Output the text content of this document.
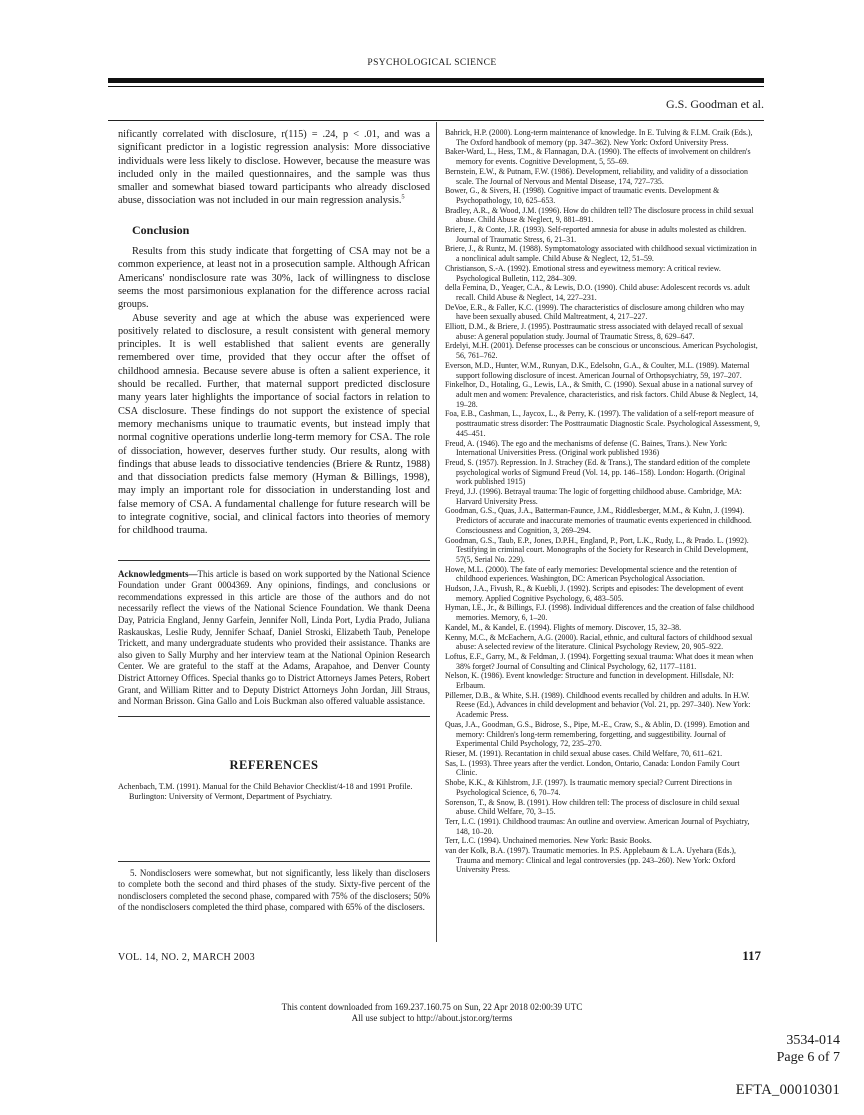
PSYCHOLOGICAL SCIENCE
G.S. Goodman et al.

nificantly correlated with disclosure, r(115) = .24, p < .01, and was a significant predictor in a logistic regression analysis: More dissociative individuals were less likely to disclose. However, because the measure was included only in the mailed questionnaires, and the sample was thus smaller and somewhat biased toward participants who already disclosed abuse, dissociation was not included in our main regression analysis.$^5$

Conclusion

Results from this study indicate that forgetting of CSA may not be a common experience, at least not in a prosecution sample. Although African Americans' nondisclosure rate was 30%, lack of willingness to disclose seems the most parsimonious explanation for the difference across racial groups.

Abuse severity and age at which the abuse was experienced were positively related to disclosure, a result consistent with general memory principles. It is well established that salient events are generally remembered over time, provided that they occur after the offset of childhood amnesia. Because severe abuse is often a salient experience, it should be recalled. Further, that maternal support predicted disclosure many years later highlights the importance of social factors in relation to CSA disclosure. These findings do not support the existence of special memory mechanisms unique to traumatic events, but instead imply that normal cognitive operations underlie long-term memory for CSA. The role of dissociation, however, deserves further study. Our results, along with findings that abuse leads to dissociative tendencies (Briere & Runtz, 1988) and that dissociation predicts false memory (Hyman & Billings, 1998), may imply an important role for dissociation in understanding lost and false memory of CSA. A fundamental challenge for future research will be to integrate cognitive, social, and clinical factors into theories of memory for childhood trauma.

Acknowledgments—This article is based on work supported by the National Science Foundation under Grant 0004369. Any opinions, findings, and conclusions or recommendations expressed in this article are those of the authors and do not necessarily reflect the views of the National Science Foundation. We thank Deena Day, Patricia England, Jenny Garfein, Jennifer Noll, Linda Port, Lydia Prado, Juliana Raskauskas, Leslie Rudy, Jennifer Schaaf, Daniel Stroski, Elizabeth Taub, Penelope Trickett, and many undergraduate students who provided their assistance. Thanks are also given to Sally Murphy and her interview team at the National Opinion Research Center. We are grateful to the staff at the Adams, Arapahoe, and Denver County District Attorney Offices. Special thanks go to District Attorneys James Peters, Robert Grant, and William Ritter and to Deputy District Attorneys John Jordan, Jill Straus, and Norman Brisson. Gina Gallo and Lois Buckman also offered valuable assistance.
REFERENCES

Achenbach, T.M. (1991). Manual for the Child Behavior Checklist/4-18 and 1991 Profile. Burlington: University of Vermont, Department of Psychiatry.

5. Nondisclosers were somewhat, but not significantly, less likely than disclosers to complete both the second and third phases of the study. Sixty-five percent of the nondisclosers completed the second phase, compared with 75% of the disclosers; 50% of the nondisclosers completed the third phase, compared with 65% of the disclosers.

Bahrick, H.P. (2000). Long-term maintenance of knowledge. In E. Tulving & F.I.M. Craik (Eds.), The Oxford handbook of memory (pp. 347–362). New York: Oxford University Press.

Baker-Ward, L., Hess, T.M., & Flannagan, D.A. (1990). The effects of involvement on children's memory for events. Cognitive Development, 5, 55–69.

Bernstein, E.W., & Putnam, F.W. (1986). Development, reliability, and validity of a dissociation scale. The Journal of Nervous and Mental Disease, 174, 727–735.

Bower, G., & Sivers, H. (1998). Cognitive impact of traumatic events. Development & Psychopathology, 10, 625–653.

Bradley, A.R., & Wood, J.M. (1996). How do children tell? The disclosure process in child sexual abuse. Child Abuse & Neglect, 9, 881–891.

Briere, J., & Conte, J.R. (1993). Self-reported amnesia for abuse in adults molested as children. Journal of Traumatic Stress, 6, 21–31.

Briere, J., & Runtz, M. (1988). Symptomatology associated with childhood sexual victimization in a nonclinical adult sample. Child Abuse & Neglect, 12, 51–59.

Christianson, S.-A. (1992). Emotional stress and eyewitness memory: A critical review. Psychological Bulletin, 112, 284–309.

della Femina, D., Yeager, C.A., & Lewis, D.O. (1990). Child abuse: Adolescent records vs. adult recall. Child Abuse & Neglect, 14, 227–231.

DeVoe, E.R., & Faller, K.C. (1999). The characteristics of disclosure among children who may have been sexually abused. Child Maltreatment, 4, 217–227.

Elliott, D.M., & Briere, J. (1995). Posttraumatic stress associated with delayed recall of sexual abuse: A general population study. Journal of Traumatic Stress, 8, 629–647.

Erdelyi, M.H. (2001). Defense processes can be conscious or unconscious. American Psychologist, 56, 761–762.

Everson, M.D., Hunter, W.M., Runyan, D.K., Edelsohn, G.A., & Coulter, M.L. (1989). Maternal support following disclosure of incest. American Journal of Orthopsychiatry, 59, 197–207.

Finkelhor, D., Hotaling, G., Lewis, I.A., & Smith, C. (1990). Sexual abuse in a national survey of adult men and women: Prevalence, characteristics, and risk factors. Child Abuse & Neglect, 14, 19–28.

Foa, E.B., Cashman, L., Jaycox, L., & Perry, K. (1997). The validation of a self-report measure of posttraumatic stress disorder: The Posttraumatic Diagnostic Scale. Psychological Assessment, 9, 445–451.

Freud, A. (1946). The ego and the mechanisms of defense (C. Baines, Trans.). New York: International Universities Press. (Original work published 1936)

Freud, S. (1957). Repression. In J. Strachey (Ed. & Trans.), The standard edition of the complete psychological works of Sigmund Freud (Vol. 14, pp. 146–158). London: Hogarth. (Original work published 1915)

Freyd, J.J. (1996). Betrayal trauma: The logic of forgetting childhood abuse. Cambridge, MA: Harvard University Press.

Goodman, G.S., Quas, J.A., Batterman-Faunce, J.M., Riddlesberger, M.M., & Kuhn, J. (1994). Predictors of accurate and inaccurate memories of traumatic events experienced in childhood. Consciousness and Cognition, 3, 269–294.

Goodman, G.S., Taub, E.P., Jones, D.P.H., England, P., Port, L.K., Rudy, L., & Prado. L. (1992). Testifying in criminal court. Monographs of the Society for Research in Child Development, 57(5, Serial No. 229).

Howe, M.L. (2000). The fate of early memories: Developmental science and the retention of childhood experiences. Washington, DC: American Psychological Association.

Hudson, J.A., Fivush, R., & Kuebli, J. (1992). Scripts and episodes: The development of event memory. Applied Cognitive Psychology, 6, 483–505.

Hyman, I.E., Jr., & Billings, F.J. (1998). Individual differences and the creation of false childhood memories. Memory, 6, 1–20.

Kandel, M., & Kandel, E. (1994). Flights of memory. Discover, 15, 32–38.

Kenny, M.C., & McEachern, A.G. (2000). Racial, ethnic, and cultural factors of childhood sexual abuse: A selected review of the literature. Clinical Psychology Review, 20, 905–922.

Loftus, E.F., Garry, M., & Feldman, J. (1994). Forgetting sexual trauma: What does it mean when 38% forget? Journal of Consulting and Clinical Psychology, 62, 1177–1181.

Nelson, K. (1986). Event knowledge: Structure and function in development. Hillsdale, NJ: Erlbaum.

Pillemer, D.B., & White, S.H. (1989). Childhood events recalled by children and adults. In H.W. Reese (Ed.), Advances in child development and behavior (Vol. 21, pp. 297–340). New York: Academic Press.

Quas, J.A., Goodman, G.S., Bidrose, S., Pipe, M.-E., Craw, S., & Ablin, D. (1999). Emotion and memory: Children's long-term remembering, forgetting, and suggestibility. Journal of Experimental Child Psychology, 72, 235–270.

Rieser, M. (1991). Recantation in child sexual abuse cases. Child Welfare, 70, 611–621.

Sas, L. (1993). Three years after the verdict. London, Ontario, Canada: London Family Court Clinic.

Shobe, K.K., & Kihlstrom, J.F. (1997). Is traumatic memory special? Current Directions in Psychological Science, 6, 70–74.

Sorenson, T., & Snow, B. (1991). How children tell: The process of disclosure in child sexual abuse. Child Welfare, 70, 3–15.

Terr, L.C. (1991). Childhood traumas: An outline and overview. American Journal of Psychiatry, 148, 10–20.

Terr, L.C. (1994). Unchained memories. New York: Basic Books.

van der Kolk, B.A. (1997). Traumatic memories. In P.S. Applebaum & L.A. Uyehara (Eds.), Trauma and memory: Clinical and legal controversies (pp. 243–260). New York: Oxford University Press.

VOL. 14, NO. 2, MARCH 2003	117
This content downloaded from 169.237.160.75 on Sun, 22 Apr 2018 02:00:39 UTC
All use subject to http://about.jstor.org/terms
3534-014
Page 6 of 7
EFTA_00010301
